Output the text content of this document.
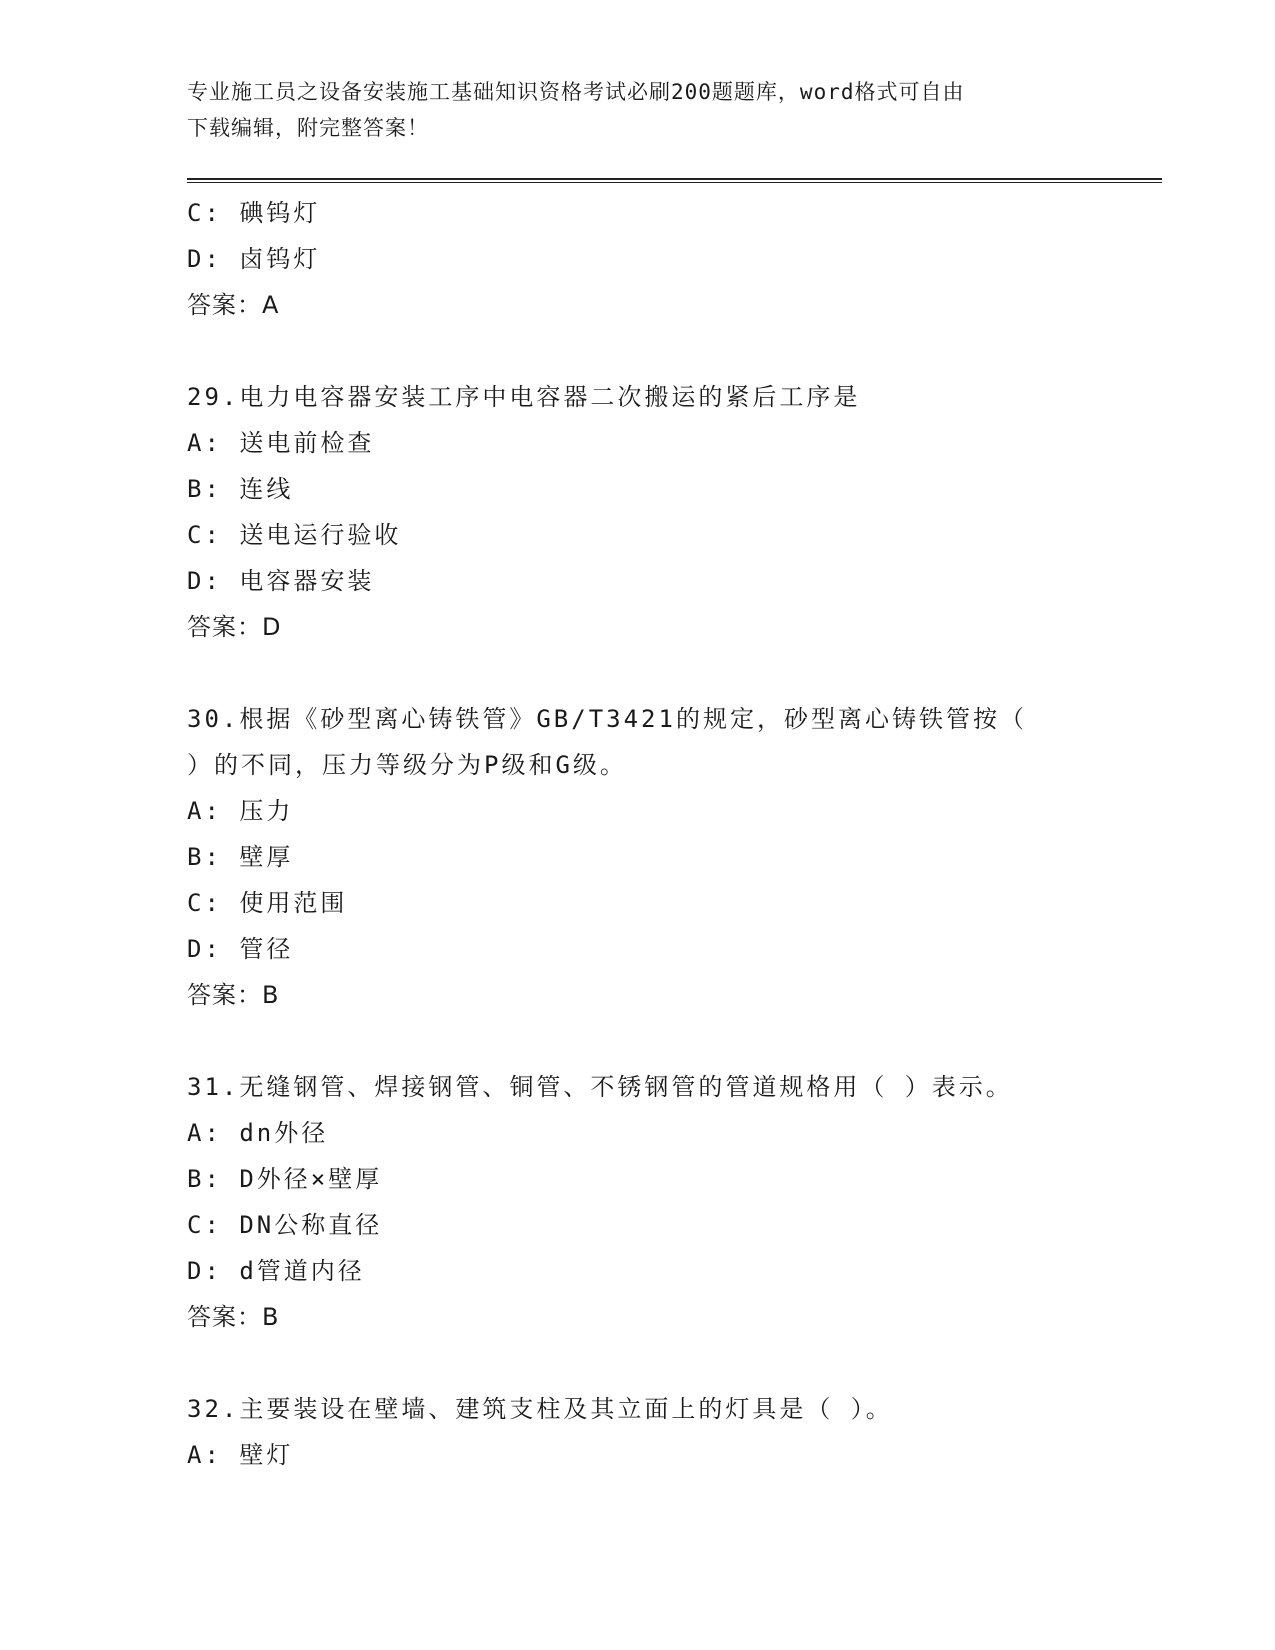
专业施工员之设备安装施工基础知识资格考试必刷200题题库，word格式可自由
下载编辑，附完整答案！
C: 碘钨灯
D: 卤钨灯
答案：A
29.电力电容器安装工序中电容器二次搬运的紧后工序是
A: 送电前检查
B: 连线
C: 送电运行验收
D: 电容器安装
答案：D
30.根据《砂型离心铸铁管》GB/T3421的规定，砂型离心铸铁管按（
）的不同，压力等级分为P级和G级。
A: 压力
B: 壁厚
C: 使用范围
D: 管径
答案：B
31.无缝钢管、焊接钢管、铜管、不锈钢管的管道规格用（ ）表示。
A: dn外径
B: D外径×壁厚
C: DN公称直径
D: d管道内径
答案：B
32.主要装设在壁墙、建筑支柱及其立面上的灯具是（ ）。
A: 壁灯
